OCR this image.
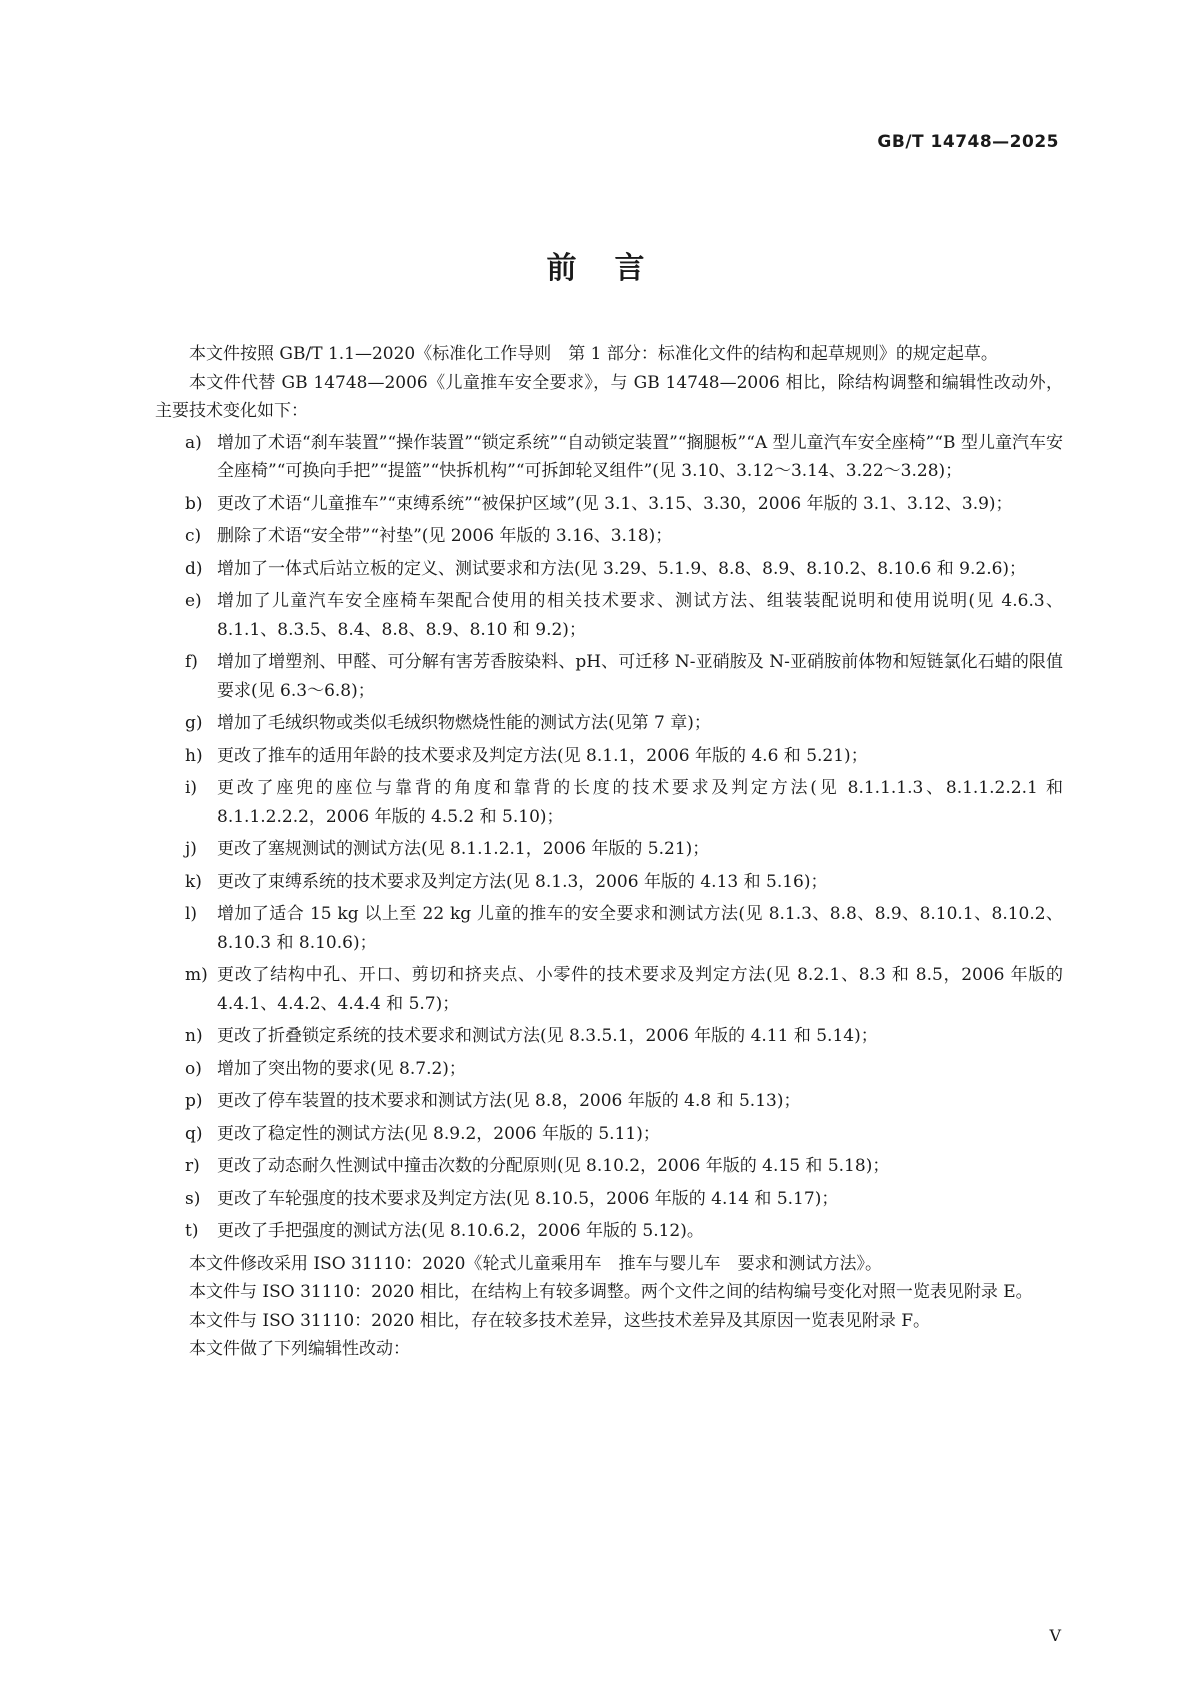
GB/T 14748—2025
前言

本文件按照 GB/T 1.1—2020《标准化工作导则　第 1 部分：标准化文件的结构和起草规则》的规定起草。

本文件代替 GB 14748—2006《儿童推车安全要求》，与 GB 14748—2006 相比，除结构调整和编辑性改动外，主要技术变化如下：

a) 增加了术语“刹车装置”“操作装置”“锁定系统”“自动锁定装置”“搁腿板”“A 型儿童汽车安全座椅”“B 型儿童汽车安全座椅”“可换向手把”“提篮”“快拆机构”“可拆卸轮叉组件”(见 3.10、3.12～3.14、3.22～3.28)；
b) 更改了术语“儿童推车”“束缚系统”“被保护区域”(见 3.1、3.15、3.30，2006 年版的 3.1、3.12、3.9)；
c) 删除了术语“安全带”“衬垫”(见 2006 年版的 3.16、3.18)；
d) 增加了一体式后站立板的定义、测试要求和方法(见 3.29、5.1.9、8.8、8.9、8.10.2、8.10.6 和 9.2.6)；
e) 增加了儿童汽车安全座椅车架配合使用的相关技术要求、测试方法、组装装配说明和使用说明(见 4.6.3、8.1.1、8.3.5、8.4、8.8、8.9、8.10 和 9.2)；
f)	增加了增塑剂、甲醛、可分解有害芳香胺染料、pH、可迁移 N-亚硝胺及 N-亚硝胺前体物和短链氯化石蜡的限值要求(见 6.3～6.8)；
g) 增加了毛绒织物或类似毛绒织物燃烧性能的测试方法(见第 7 章)；
h) 更改了推车的适用年龄的技术要求及判定方法(见 8.1.1，2006 年版的 4.6 和 5.21)；
i)	更改了座兜的座位与靠背的角度和靠背的长度的技术要求及判定方法(见 8.1.1.1.3、8.1.1.2.2.1 和 8.1.1.2.2.2，2006 年版的 4.5.2 和 5.10)；
j)	更改了塞规测试的测试方法(见 8.1.1.2.1，2006 年版的 5.21)；
k) 更改了束缚系统的技术要求及判定方法(见 8.1.3，2006 年版的 4.13 和 5.16)；
l)	增加了适合 15 kg 以上至 22 kg 儿童的推车的安全要求和测试方法(见 8.1.3、8.8、8.9、8.10.1、8.10.2、8.10.3 和 8.10.6)；
m) 更改了结构中孔、开口、剪切和挤夹点、小零件的技术要求及判定方法(见 8.2.1、8.3 和 8.5，2006 年版的 4.4.1、4.4.2、4.4.4 和 5.7)；
n) 更改了折叠锁定系统的技术要求和测试方法(见 8.3.5.1，2006 年版的 4.11 和 5.14)；
o) 增加了突出物的要求(见 8.7.2)；
p) 更改了停车装置的技术要求和测试方法(见 8.8，2006 年版的 4.8 和 5.13)；
q) 更改了稳定性的测试方法(见 8.9.2，2006 年版的 5.11)；
r)	更改了动态耐久性测试中撞击次数的分配原则(见 8.10.2，2006 年版的 4.15 和 5.18)；
s) 更改了车轮强度的技术要求及判定方法(见 8.10.5，2006 年版的 4.14 和 5.17)；
t)	更改了手把强度的测试方法(见 8.10.6.2，2006 年版的 5.12)。

本文件修改采用 ISO 31110：2020《轮式儿童乘用车　推车与婴儿车　要求和测试方法》。

本文件与 ISO 31110：2020 相比，在结构上有较多调整。两个文件之间的结构编号变化对照一览表见附录 E。

本文件与 ISO 31110：2020 相比，存在较多技术差异，这些技术差异及其原因一览表见附录 F。

本文件做了下列编辑性改动：

Ⅴ
